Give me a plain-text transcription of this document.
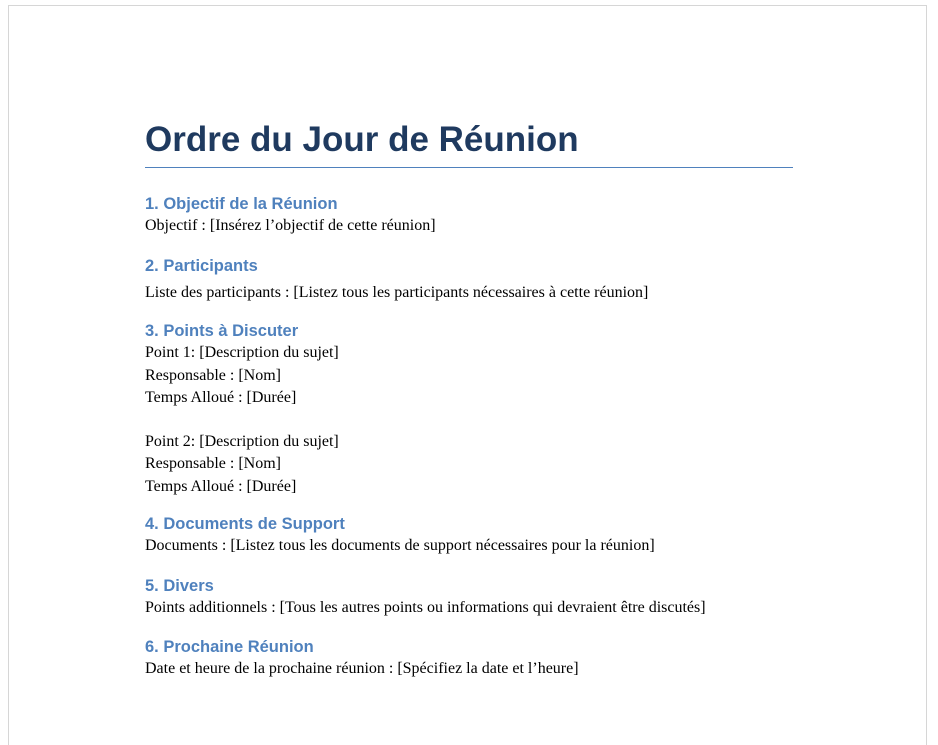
Ordre du Jour de Réunion

1. Objectif de la Réunion

Objectif : [Insérez l’objectif de cette réunion]

2. Participants

Liste des participants : [Listez tous les participants nécessaires à cette réunion]

3. Points à Discuter

Point 1: [Description du sujet]

Responsable : [Nom]

Temps Alloué : [Durée]

Point 2: [Description du sujet]

Responsable : [Nom]

Temps Alloué : [Durée]

4. Documents de Support

Documents : [Listez tous les documents de support nécessaires pour la réunion]

5. Divers

Points additionnels : [Tous les autres points ou informations qui devraient être discutés]

6. Prochaine Réunion

Date et heure de la prochaine réunion : [Spécifiez la date et l’heure]
